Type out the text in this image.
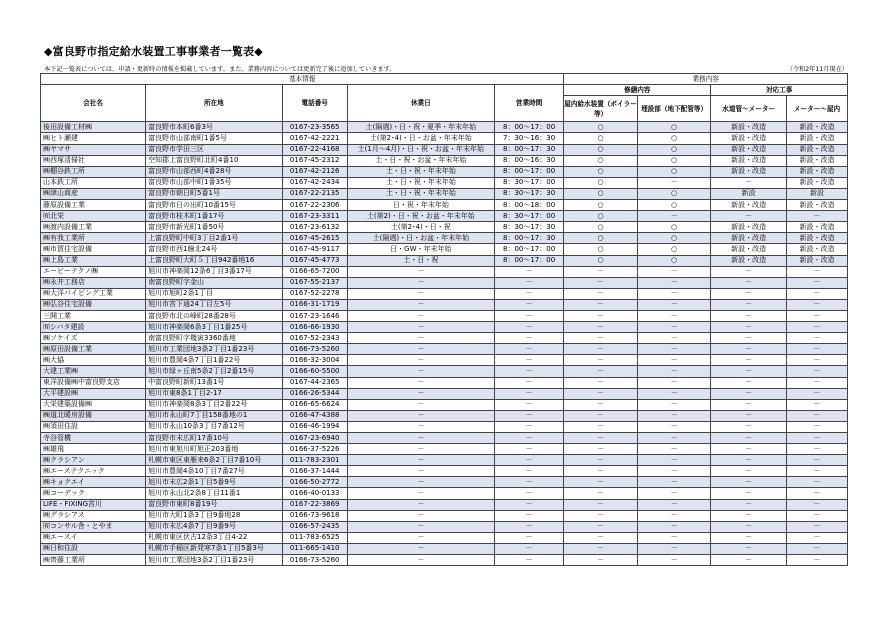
◆富良野市指定給水装置工事事業者一覧表◆
本下記一覧表については、申請・更新時の情報を掲載しています。また、業務内容については更新完了後に追加していきます。	（令和2年11月現在）
基本情報					業務内容			
会社名	所在地	電話番号	休業日	営業時間	修繕内容		対応工事	
					屋内給水装置（ボイラー等）	埋設部（地下配管等）	水道管～メーター	メーター～屋内
後田設備工材㈱	富良野市本町6番3号	0167-23-3565	土(隔週)・日・祝・夏季・年末年始	8：00～17：00	○	○	新設・改造	新設・改造
㈱ヒト瀬建	富良野市山部南町1番5号	0167-42-2221	土(第2･4)・日・お盆・年末年始	7：30～16：30	○	○	新設・改造	新設・改造
㈱ヤマサ	富良野市学田三区	0167-22-4168	土(1月～4月)・日・祝・お盆・年末年始	8：00～17：30	○	○	新設・改造	新設・改造
㈱西塚清掃社	空知郡上富良野町北町4番10	0167-45-2312	土・日・祝・お盆・年末年始	8：00～16：30	○	○	新設・改造	新設・改造
㈱棚谷鉄工所	富良野市山部西町4番28号	0167-42-2126	土・日・祝・年末年始	8：00～17：00	○	○	新設・改造	新設・改造
山本鉄工所	富良野市山部中町1番35号	0167-42-2434	土・日・祝・年末年始	8：30～17：00	○	－	－	新設・改造
㈱津山商産	富良野市朝日町5番1号	0167-22-2135	土・日・祝・年末年始	8：30～17：30	○	○	新設	新設
藤原設備工業	富良野市日の出町10番15号	0167-22-2306	日・祝・年末年始	8：00～18：00	○	○	新設・改造	新設・改造
㈲北栄	富良野市桂木町1番17号	0167-23-3311	土(第2)・日・祝・お盆・年末年始	8：30～17：00	○	－	－	－
㈱渡内設備工業	富良野市新光町1番50号	0167-23-6132	土(第2･4)・日・祝	8：30～17：30	○	○	新設・改造	新設・改造
㈱有我工業所	上富良野町中町3丁目2番1号	0167-45-2615	土(隔週)・日・お盆・年末年始	8：00～17：30	○	○	新設・改造	新設・改造
㈱市賀住宅設備	富良野市西1線北24号	0167-45-9117	日・GW・年末年始	8：00～17：00	○	○	新設・改造	新設・改造
㈱上島工業	上富良野町大町５丁目942番地16	0167-45-4773	土・日・祝	8：00～17：00	○	○	新設・改造	新設・改造
エービーテクノ㈱	旭川市神楽岡12条6丁目3番17号	0166-65-7200	－	－	－	－	－	－
㈱永井工務店	南富良野町字金山	0167-55-2137	－	－	－	－	－	－
㈱大洋パイピング工業	旭川市旭町2条1丁目	0167-52-2278	－	－	－	－	－	－
㈱弘谷住宅設備	旭川市宮下通24丁目左5号	0166-31-1719	－	－	－	－	－	－
三開工業	富良野市北の峰町28番28号	0167-23-1646	－	－	－	－	－	－
㈲シバタ建設	旭川市神楽岡6条3丁目1番25号	0166-66-1930	－	－	－	－	－	－
㈱ソケイズ	南富良野町字幾寅3360番地	0167-52-2343	－	－	－	－	－	－
㈱原田設備工業	旭川市工業団地3条2丁目1番23号	0166-73-5260	－	－	－	－	－	－
㈱大協	旭川市豊岡4条7丁目1番22号	0166-32-3004	－	－	－	－	－	－
大建工業㈱	旭川市緑ヶ丘南5条2丁目2番15号	0166-60-5500	－	－	－	－	－	－
東洋設備㈱中富良野支店	中富良野町新町13番1号	0167-44-2365	－	－	－	－	－	－
大平建設㈱	旭川市東8条1丁目2-17	0166-26-5344	－	－	－	－	－	－
大栄建築設備㈱	旭川市神楽岡8条3丁目2番22号	0166-65-6624	－	－	－	－	－	－
㈱道北暖房設備	旭川市永山町7丁目158番地の1	0166-47-4388	－	－	－	－	－	－
㈱須田住設	旭川市永山10条3丁目7番12号	0166-46-1994	－	－	－	－	－	－
寺谷管機	富良野市末広町17番10号	0167-23-6940	－	－	－	－	－	－
㈱雄飛	旭川市東旭川町旭正203番地	0166-37-5226	－	－	－	－	－	－
㈱クラシアン	札幌市東区東雁来6条2丁目7番10号	011-783-2301	－	－	－	－	－	－
㈱エーステクニック	旭川市豊岡4条10丁目7番27号	0166-37-1444	－	－	－	－	－	－
㈱キョクエイ	旭川市末広2条1丁目5番9号	0166-50-2772	－	－	－	－	－	－
㈱コーデック	旭川市永山北2条8丁目11番1	0166-40-0133	－	－	－	－	－	－
LIFE・FIXING宮川	富良野市東町8番19号	0167-22-3869	－	－	－	－	－	－
㈱グラシアス	旭川市大町1条3丁目9番地28	0166-73-9618	－	－	－	－	－	－
㈲コンサル舎・とやま	旭川市末広4条7丁目9番9号	0166-57-2435	－	－	－	－	－	－
㈱エースイ	札幌市東区伏古12条3丁目4-22	011-783-6525	－	－	－	－	－	－
㈱日和住設	札幌市手稲区新発寒7条1丁目5番3号	011-665-1410	－	－	－	－	－	－
㈱齊藤工業所	旭川市工業団地3条2丁目1番23号	0166-73-5260	－	－	－	－	－	－
